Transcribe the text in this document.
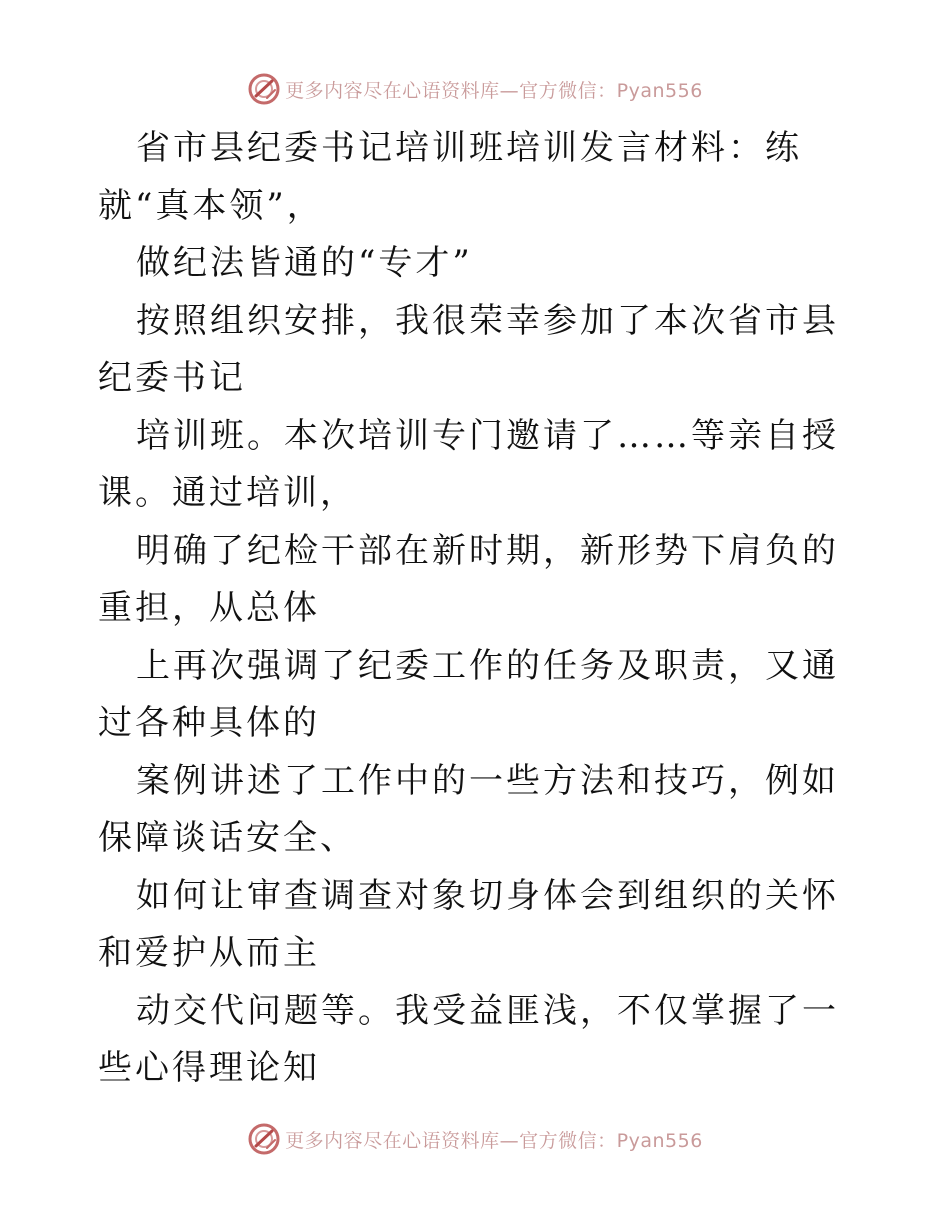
更多内容尽在心语资料库—官方微信：Pyan556

省市县纪委书记培训班培训发言材料：练就“真本领”，

做纪法皆通的“专才”

按照组织安排，我很荣幸参加了本次省市县纪委书记

培训班。本次培训专门邀请了……等亲自授课。通过培训，

明确了纪检干部在新时期，新形势下肩负的重担，从总体

上再次强调了纪委工作的任务及职责，又通过各种具体的

案例讲述了工作中的一些方法和技巧，例如保障谈话安全、

如何让审查调查对象切身体会到组织的关怀和爱护从而主

动交代问题等。我受益匪浅，不仅掌握了一些心得理论知

更多内容尽在心语资料库—官方微信：Pyan556
